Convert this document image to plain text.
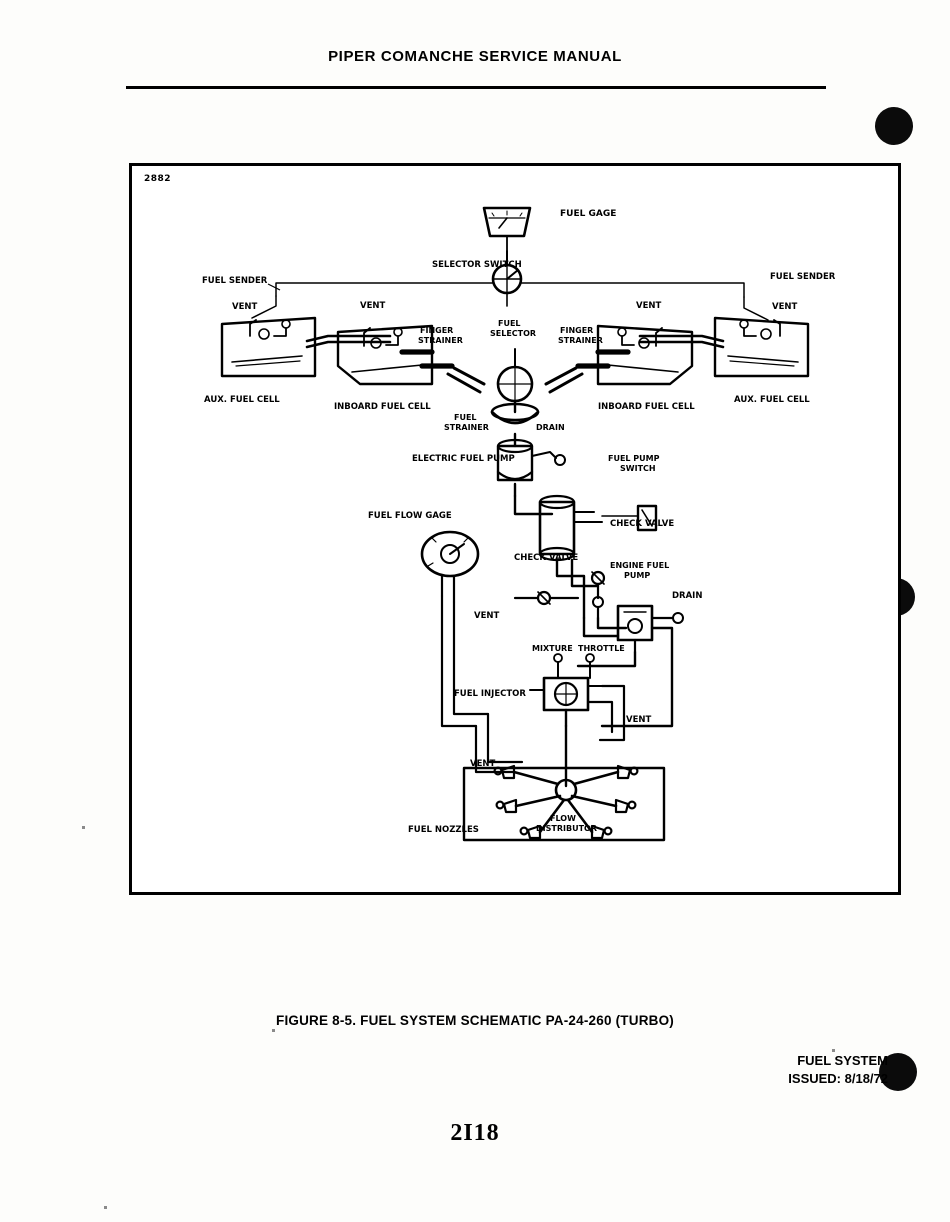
PIPER COMANCHE SERVICE MANUAL
2882
FUEL GAGE
SELECTOR SWITCH
FUEL SENDER	FUEL SENDER
VENT	VENT	VENT	VENT
FINGER
STRAINER
FINGER
STRAINER
FUEL
SELECTOR
AUX. FUEL CELL
INBOARD FUEL CELL	INBOARD FUEL CELL
AUX. FUEL CELL
FUEL
STRAINER	DRAIN
ELECTRIC FUEL PUMP	FUEL PUMP
SWITCH
CHECK VALVE
CHECK VALVE
FUEL FLOW GAGE
ENGINE FUEL
PUMP
DRAIN
VENT
MIXTURE THROTTLE
FUEL INJECTOR
VENT
VENT
FUEL NOZZLES
FLOW
DISTRIBUTOR
FIGURE 8-5. FUEL SYSTEM SCHEMATIC PA-24-260 (TURBO)
FUEL SYSTEM
ISSUED: 8/18/72
2I18
